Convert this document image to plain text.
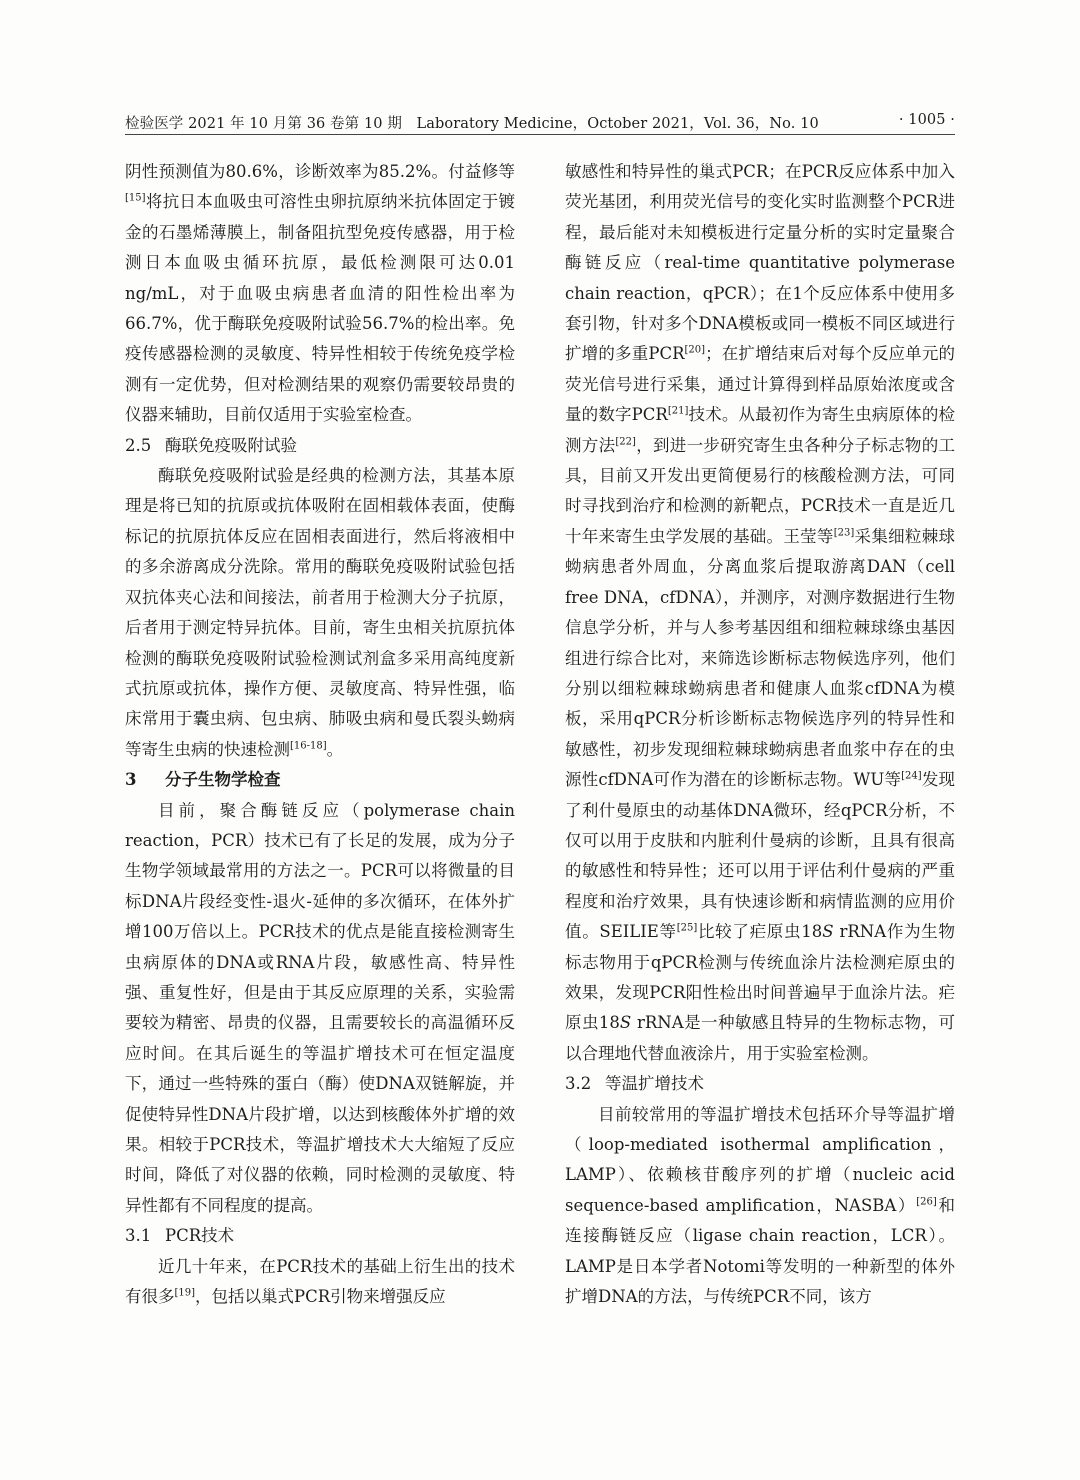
检验医学 2021 年 10 月第 36 卷第 10 期　Laboratory Medicine，October 2021，Vol. 36，No. 10	· 1005 ·

阴性预测值为80.6%，诊断效率为85.2%。付益修等[15]将抗日本血吸虫可溶性虫卵抗原纳米抗体固定于镀金的石墨烯薄膜上，制备阻抗型免疫传感器，用于检测日本血吸虫循环抗原，最低检测限可达0.01 ng/mL，对于血吸虫病患者血清的阳性检出率为66.7%，优于酶联免疫吸附试验56.7%的检出率。免疫传感器检测的灵敏度、特异性相较于传统免疫学检测有一定优势，但对检测结果的观察仍需要较昂贵的仪器来辅助，目前仅适用于实验室检查。

2.5 酶联免疫吸附试验

酶联免疫吸附试验是经典的检测方法，其基本原理是将已知的抗原或抗体吸附在固相载体表面，使酶标记的抗原抗体反应在固相表面进行，然后将液相中的多余游离成分洗除。常用的酶联免疫吸附试验包括双抗体夹心法和间接法，前者用于检测大分子抗原，后者用于测定特异抗体。目前，寄生虫相关抗原抗体检测的酶联免疫吸附试验检测试剂盒多采用高纯度新式抗原或抗体，操作方便、灵敏度高、特异性强，临床常用于囊虫病、包虫病、肺吸虫病和曼氏裂头蚴病等寄生虫病的快速检测[16-18]。

3 分子生物学检查

目前，聚合酶链反应（polymerase chain reaction，PCR）技术已有了长足的发展，成为分子生物学领域最常用的方法之一。PCR可以将微量的目标DNA片段经变性-退火-延伸的多次循环，在体外扩增100万倍以上。PCR技术的优点是能直接检测寄生虫病原体的DNA或RNA片段，敏感性高、特异性强、重复性好，但是由于其反应原理的关系，实验需要较为精密、昂贵的仪器，且需要较长的高温循环反应时间。在其后诞生的等温扩增技术可在恒定温度下，通过一些特殊的蛋白（酶）使DNA双链解旋，并促使特异性DNA片段扩增，以达到核酸体外扩增的效果。相较于PCR技术，等温扩增技术大大缩短了反应时间，降低了对仪器的依赖，同时检测的灵敏度、特异性都有不同程度的提高。

3.1 PCR技术

近几十年来，在PCR技术的基础上衍生出的技术有很多[19]，包括以巢式PCR引物来增强反应

敏感性和特异性的巢式PCR；在PCR反应体系中加入荧光基团，利用荧光信号的变化实时监测整个PCR进程，最后能对未知模板进行定量分析的实时定量聚合酶链反应（real-time quantitative polymerase chain reaction，qPCR）；在1个反应体系中使用多套引物，针对多个DNA模板或同一模板不同区域进行扩增的多重PCR[20]；在扩增结束后对每个反应单元的荧光信号进行采集，通过计算得到样品原始浓度或含量的数字PCR[21]技术。从最初作为寄生虫病原体的检测方法[22]，到进一步研究寄生虫各种分子标志物的工具，目前又开发出更简便易行的核酸检测方法，可同时寻找到治疗和检测的新靶点，PCR技术一直是近几十年来寄生虫学发展的基础。王莹等[23]采集细粒棘球蚴病患者外周血，分离血浆后提取游离DAN（cell free DNA，cfDNA），并测序，对测序数据进行生物信息学分析，并与人参考基因组和细粒棘球绦虫基因组进行综合比对，来筛选诊断标志物候选序列，他们分别以细粒棘球蚴病患者和健康人血浆cfDNA为模板，采用qPCR分析诊断标志物候选序列的特异性和敏感性，初步发现细粒棘球蚴病患者血浆中存在的虫源性cfDNA可作为潜在的诊断标志物。WU等[24]发现了利什曼原虫的动基体DNA微环，经qPCR分析，不仅可以用于皮肤和内脏利什曼病的诊断，且具有很高的敏感性和特异性；还可以用于评估利什曼病的严重程度和治疗效果，具有快速诊断和病情监测的应用价值。SEILIE等[25]比较了疟原虫18S rRNA作为生物标志物用于qPCR检测与传统血涂片法检测疟原虫的效果，发现PCR阳性检出时间普遍早于血涂片法。疟原虫18S rRNA是一种敏感且特异的生物标志物，可以合理地代替血液涂片，用于实验室检测。

3.2 等温扩增技术

目前较常用的等温扩增技术包括环介导等温扩增（loop-mediated isothermal amplification，LAMP）、依赖核苷酸序列的扩增（nucleic acid sequence-based amplification，NASBA）[26]和连接酶链反应（ligase chain reaction，LCR）。LAMP是日本学者Notomi等发明的一种新型的体外扩增DNA的方法，与传统PCR不同，该方
